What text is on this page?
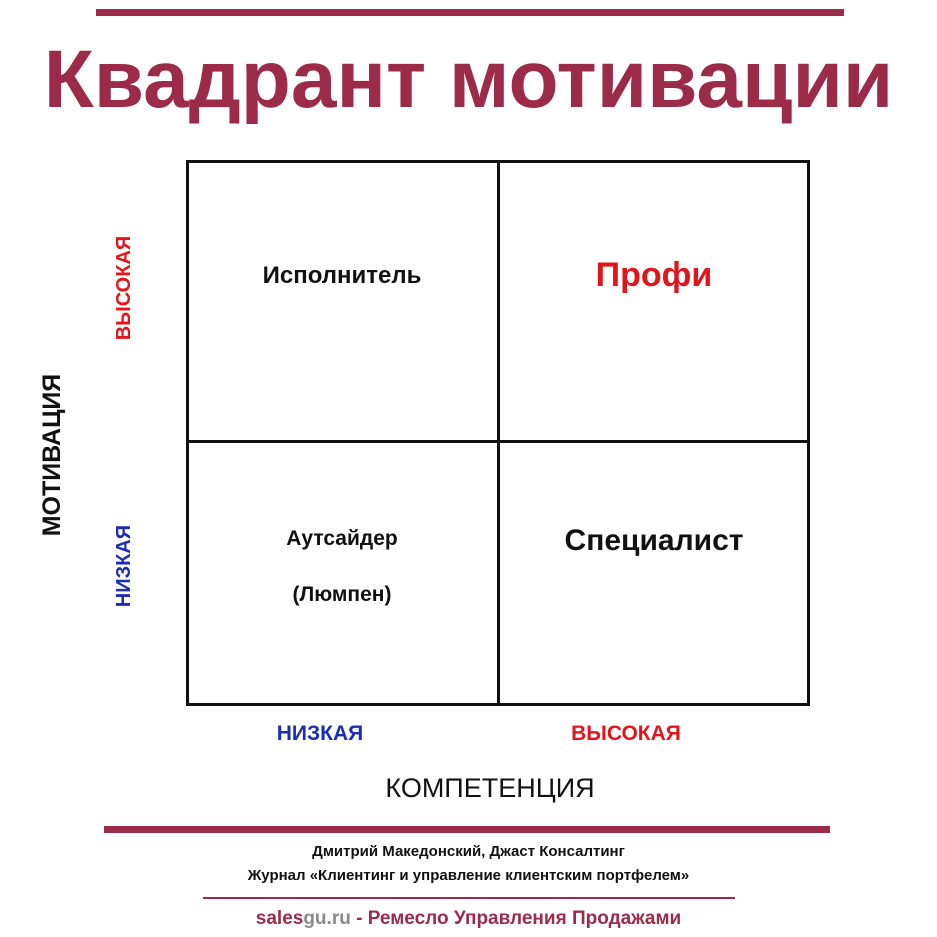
Квадрант мотивации
Исполнитель	Профи
Аутсайдер
(Люмпен)
Специалист
МОТИВАЦИЯ
ВЫСОКАЯ
НИЗКАЯ
НИЗКАЯ	ВЫСОКАЯ
КОМПЕТЕНЦИЯ
Дмитрий Македонский, Джаст Консалтинг
Журнал «Клиентинг и управление клиентским портфелем»
salesgu.ru - Ремесло Управления Продажами
